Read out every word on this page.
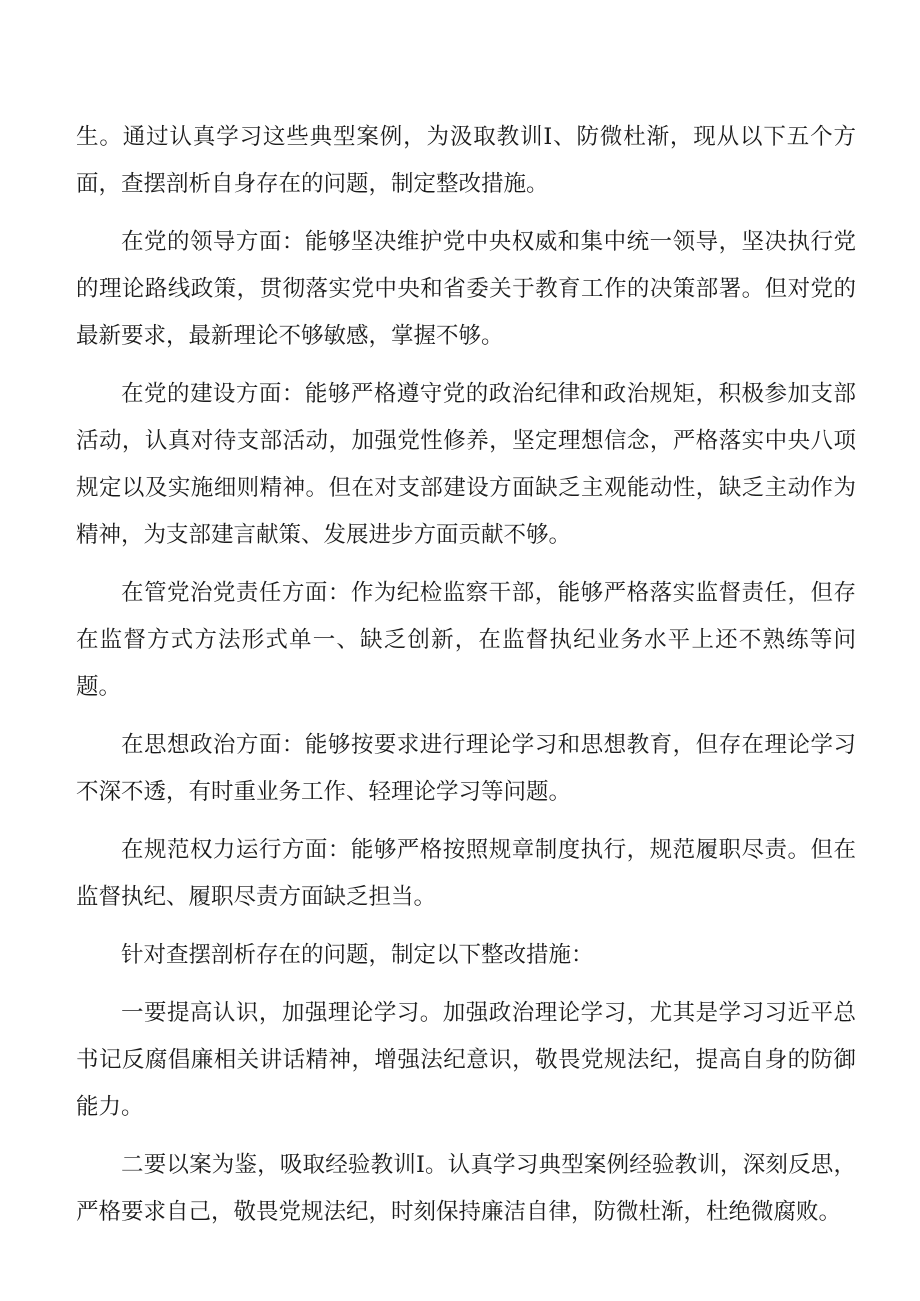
生。通过认真学习这些典型案例，为汲取教训I、防微杜渐，现从以下五个方面，查摆剖析自身存在的问题，制定整改措施。

在党的领导方面：能够坚决维护党中央权威和集中统一领导，坚决执行党的理论路线政策，贯彻落实党中央和省委关于教育工作的决策部署。但对党的最新要求，最新理论不够敏感，掌握不够。

在党的建设方面：能够严格遵守党的政治纪律和政治规矩，积极参加支部活动，认真对待支部活动，加强党性修养，坚定理想信念，严格落实中央八项规定以及实施细则精神。但在对支部建设方面缺乏主观能动性，缺乏主动作为精神，为支部建言献策、发展进步方面贡献不够。

在管党治党责任方面：作为纪检监察干部，能够严格落实监督责任，但存在监督方式方法形式单一、缺乏创新，在监督执纪业务水平上还不熟练等问题。

在思想政治方面：能够按要求进行理论学习和思想教育，但存在理论学习不深不透，有时重业务工作、轻理论学习等问题。

在规范权力运行方面：能够严格按照规章制度执行，规范履职尽责。但在监督执纪、履职尽责方面缺乏担当。

针对查摆剖析存在的问题，制定以下整改措施：

一要提高认识，加强理论学习。加强政治理论学习，尤其是学习习近平总书记反腐倡廉相关讲话精神，增强法纪意识，敬畏党规法纪，提高自身的防御能力。

二要以案为鉴，吸取经验教训I。认真学习典型案例经验教训，深刻反思，严格要求自己，敬畏党规法纪，时刻保持廉洁自律，防微杜渐，杜绝微腐败。
